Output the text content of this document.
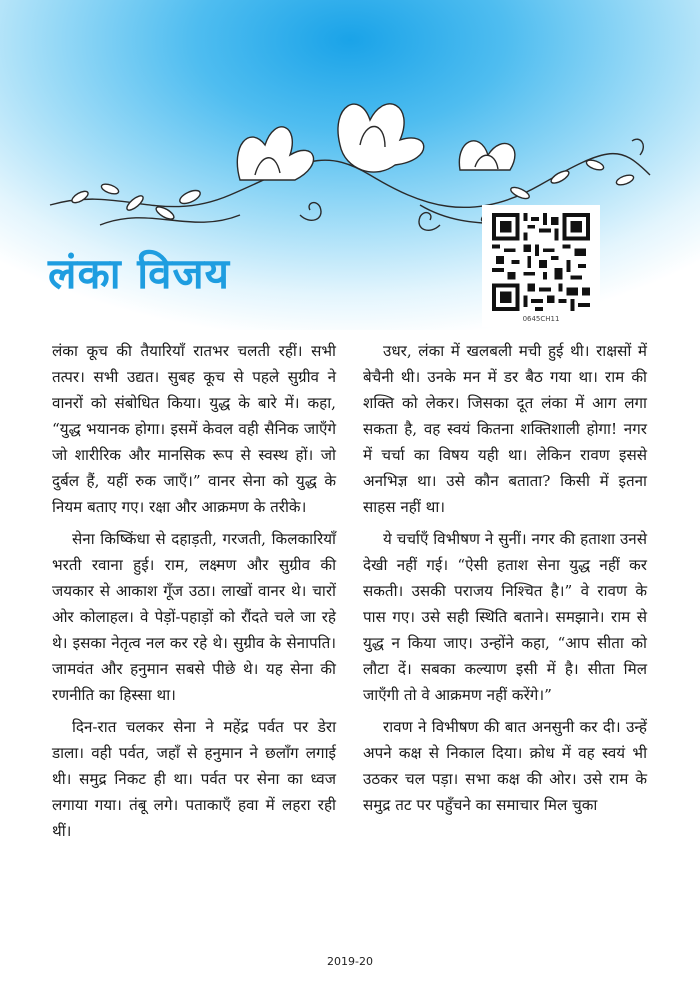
लंका विजय
0645CH11

लंका कूच की तैयारियाँ रातभर चलती रहीं। सभी तत्पर। सभी उद्यत। सुबह कूच से पहले सुग्रीव ने वानरों को संबोधित किया। युद्ध के बारे में। कहा, “युद्ध भयानक होगा। इसमें केवल वही सैनिक जाएँगे जो शारीरिक और मानसिक रूप से स्वस्थ हों। जो दुर्बल हैं, यहीं रुक जाएँ।” वानर सेना को युद्ध के नियम बताए गए। रक्षा और आक्रमण के तरीके।

सेना किष्किंधा से दहाड़ती, गरजती, किलकारियाँ भरती रवाना हुई। राम, लक्ष्मण और सुग्रीव की जयकार से आकाश गूँज उठा। लाखों वानर थे। चारों ओर कोलाहल। वे पेड़ों-पहाड़ों को रौंदते चले जा रहे थे। इसका नेतृत्व नल कर रहे थे। सुग्रीव के सेनापति। जामवंत और हनुमान सबसे पीछे थे। यह सेना की रणनीति का हिस्सा था।

दिन-रात चलकर सेना ने महेंद्र पर्वत पर डेरा डाला। वही पर्वत, जहाँ से हनुमान ने छलाँग लगाई थी। समुद्र निकट ही था। पर्वत पर सेना का ध्वज लगाया गया। तंबू लगे। पताकाएँ हवा में लहरा रही थीं।

उधर, लंका में खलबली मची हुई थी। राक्षसों में बेचैनी थी। उनके मन में डर बैठ गया था। राम की शक्ति को लेकर। जिसका दूत लंका में आग लगा सकता है, वह स्वयं कितना शक्तिशाली होगा! नगर में चर्चा का विषय यही था। लेकिन रावण इससे अनभिज्ञ था। उसे कौन बताता? किसी में इतना साहस नहीं था।

ये चर्चाएँ विभीषण ने सुनीं। नगर की हताशा उनसे देखी नहीं गई। “ऐसी हताश सेना युद्ध नहीं कर सकती। उसकी पराजय निश्चित है।” वे रावण के पास गए। उसे सही स्थिति बताने। समझाने। राम से युद्ध न किया जाए। उन्होंने कहा, “आप सीता को लौटा दें। सबका कल्याण इसी में है। सीता मिल जाएँगी तो वे आक्रमण नहीं करेंगे।”

रावण ने विभीषण की बात अनसुनी कर दी। उन्हें अपने कक्ष से निकाल दिया। क्रोध में वह स्वयं भी उठकर चल पड़ा। सभा कक्ष की ओर। उसे राम के समुद्र तट पर पहुँचने का समाचार मिल चुका

2019-20
